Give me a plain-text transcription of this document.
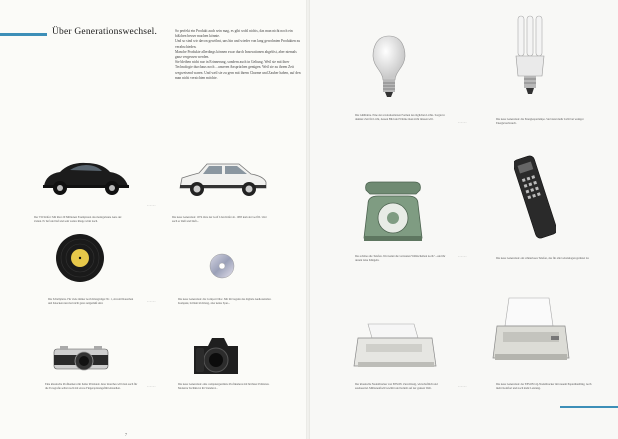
Über Generationswechsel.	So perfekt ein Produkt auch sein mag, es gibt wohl nichts, das man nicht noch ein bißchen besser machen könnte.

Und so sind wir davon gewöhnt, uns hin und wieder von lang gewohnten Produkten zu verabschieden.

Manche Produkte allerdings können zwar durch Innovationen abgelöst, aber niemals ganz vergessen werden.

Sie bleiben nicht nur in Erinnerung, sondern auch in Geltung. Weil sie mit ihrer Technologie durchaus noch ...unseren Ansprüchen genügen. Weil sie zu ihrem Zeit wegweisend waren. Und weil sie zu gern mit ihrem Charme und Zauber haben, auf den man nicht verzichten möchte.

Der VW-Käfer: Mit über 20 Millionen Exemplaren das meistgebaute Auto der Zeiten. Er lief und lief und sein weites Image wirkt nach.
......
Die neue Generation: 1974 löste der Golf I den Käfer ab. 1983 kam der Golf II. Und auch er läuft und läuft...
Die Schallplatte. Für viele immer noch Klangträger Nr. 1, obwohl Rauschen und Knacken nun mal nicht ganz zeitgemäß sind.
......	Die neue Generation: die Compact Disc. Mit ihr begann das digitale Audiozeitalter. Kompakt, brillant im Klang, aber keine Spur...
Eine klassische Profikamera mit hoher Präzision: Aber manches will man auch für die Fotografie selbst noch mit etwas Fingerspitzengefühl einstellen.
......	Die neue Generation: eine computergestützte Profikamera mit höchster Präzision. Moderne Technik ist ihr Standard...
7
Die Glühbirne. Eine der revolutionärsten Formen des täglichen Lichts. Sorgte in dunkler Zeit für Licht, dessen Bild und Wärme man nicht missen will.	......	Die neue Generation: die Energiesparlampe. Sie bietet mehr Licht bei weniger Energieverbrauch.
Das schöne alte Telefon. Wer kennt die vertrauten Wählscheiben noch? ...und ihr dezent leise Klingeln.
......
Die neue Generation: ein schnurloses Telefon, das für alle Lebenslagen gerüstet ist.
Der klassische Nadeldrucker von EPSON. Zuverlässig, wirtschaftlich und ausdauernd. Millionenfach bewährt und beliebt auf der ganzen Welt.
......	Die neue Generation: der EPSON LQ-Nadeldrucker mit neuem Papierhandling, noch mehr Komfort und noch mehr Leistung.
